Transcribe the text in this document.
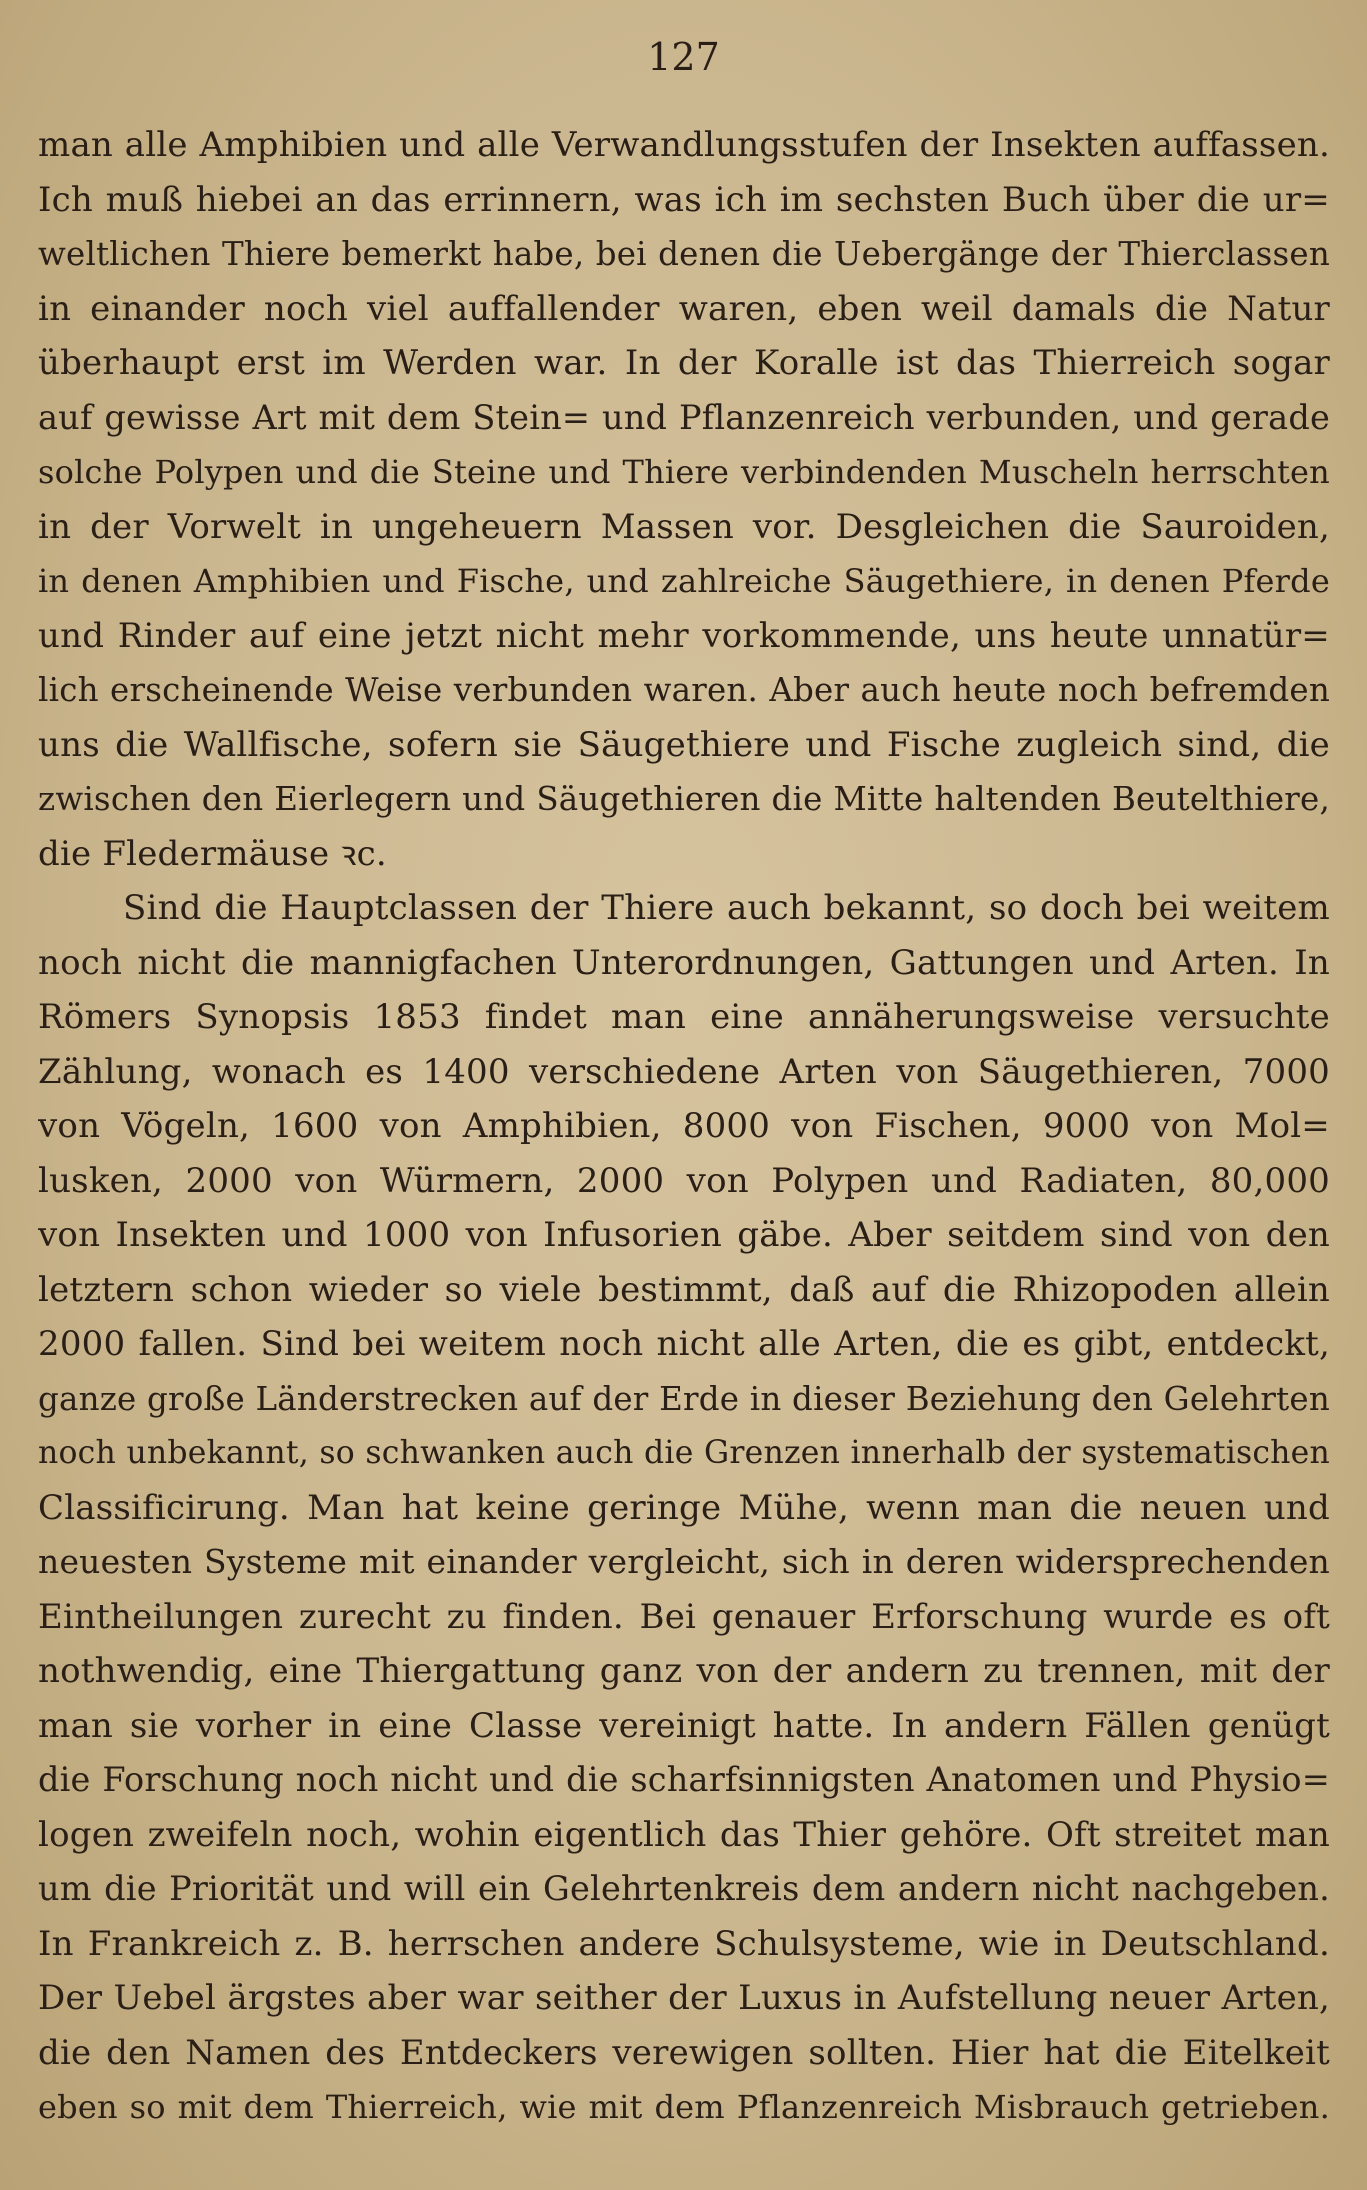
127
man alle Amphibien und alle Verwandlungsstufen der Insekten auffassen.
Ich muß hiebei an das errinnern, was ich im sechsten Buch über die ur=
weltlichen Thiere bemerkt habe, bei denen die Uebergänge der Thierclassen
in einander noch viel auffallender waren, eben weil damals die Natur
überhaupt erst im Werden war. In der Koralle ist das Thierreich sogar
auf gewisse Art mit dem Stein= und Pflanzenreich verbunden, und gerade
solche Polypen und die Steine und Thiere verbindenden Muscheln herrschten
in der Vorwelt in ungeheuern Massen vor. Desgleichen die Sauroiden,
in denen Amphibien und Fische, und zahlreiche Säugethiere, in denen Pferde
und Rinder auf eine jetzt nicht mehr vorkommende, uns heute unnatür=
lich erscheinende Weise verbunden waren. Aber auch heute noch befremden
uns die Wallfische, sofern sie Säugethiere und Fische zugleich sind, die
zwischen den Eierlegern und Säugethieren die Mitte haltenden Beutelthiere,
die Fledermäuse ꝛc.
Sind die Hauptclassen der Thiere auch bekannt, so doch bei weitem
noch nicht die mannigfachen Unterordnungen, Gattungen und Arten. In
Römers Synopsis 1853 findet man eine annäherungsweise versuchte
Zählung, wonach es 1400 verschiedene Arten von Säugethieren, 7000
von Vögeln, 1600 von Amphibien, 8000 von Fischen, 9000 von Mol=
lusken, 2000 von Würmern, 2000 von Polypen und Radiaten, 80,000
von Insekten und 1000 von Infusorien gäbe. Aber seitdem sind von den
letztern schon wieder so viele bestimmt, daß auf die Rhizopoden allein
2000 fallen. Sind bei weitem noch nicht alle Arten, die es gibt, entdeckt,
ganze große Länderstrecken auf der Erde in dieser Beziehung den Gelehrten
noch unbekannt, so schwanken auch die Grenzen innerhalb der systematischen
Classificirung. Man hat keine geringe Mühe, wenn man die neuen und
neuesten Systeme mit einander vergleicht, sich in deren widersprechenden
Eintheilungen zurecht zu finden. Bei genauer Erforschung wurde es oft
nothwendig, eine Thiergattung ganz von der andern zu trennen, mit der
man sie vorher in eine Classe vereinigt hatte. In andern Fällen genügt
die Forschung noch nicht und die scharfsinnigsten Anatomen und Physio=
logen zweifeln noch, wohin eigentlich das Thier gehöre. Oft streitet man
um die Priorität und will ein Gelehrtenkreis dem andern nicht nachgeben.
In Frankreich z. B. herrschen andere Schulsysteme, wie in Deutschland.
Der Uebel ärgstes aber war seither der Luxus in Aufstellung neuer Arten,
die den Namen des Entdeckers verewigen sollten. Hier hat die Eitelkeit
eben so mit dem Thierreich, wie mit dem Pflanzenreich Misbrauch getrieben.
